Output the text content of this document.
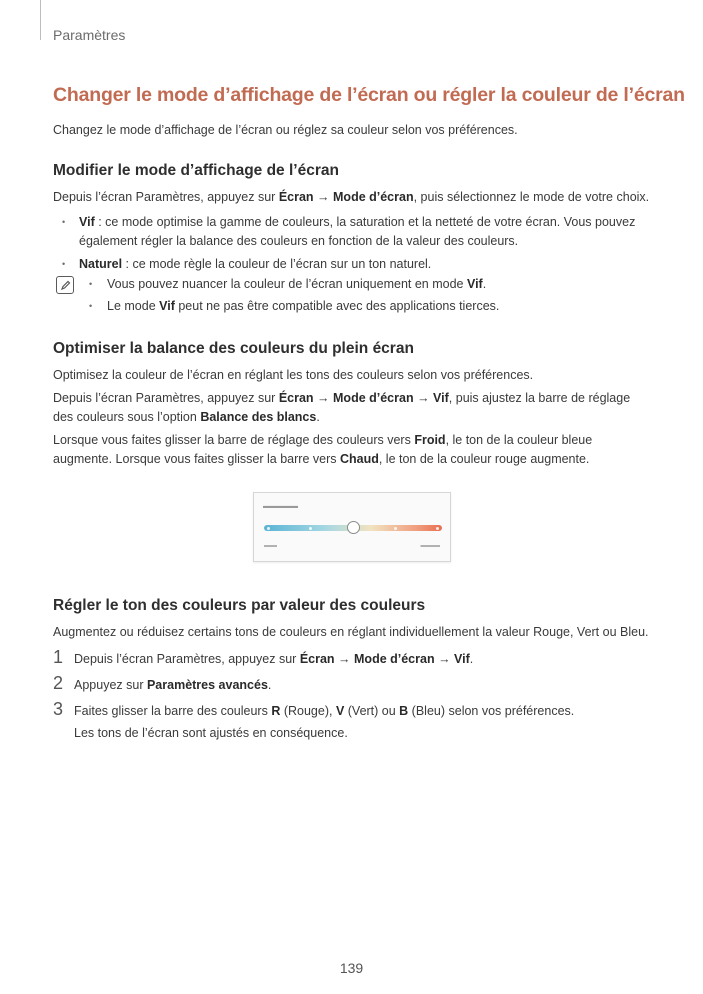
Paramètres
Changer le mode d’affichage de l’écran ou régler la couleur de l’écran

Changez le mode d’affichage de l’écran ou réglez sa couleur selon vos préférences.

Modifier le mode d’affichage de l’écran

Depuis l’écran Paramètres, appuyez sur Écran → Mode d’écran, puis sélectionnez le mode de votre choix.

• Vif : ce mode optimise la gamme de couleurs, la saturation et la netteté de votre écran. Vous pouvez également régler la balance des couleurs en fonction de la valeur des couleurs.
• Naturel : ce mode règle la couleur de l’écran sur un ton naturel.
• Vous pouvez nuancer la couleur de l’écran uniquement en mode Vif.
• Le mode Vif peut ne pas être compatible avec des applications tierces.
Optimiser la balance des couleurs du plein écran

Optimisez la couleur de l’écran en réglant les tons des couleurs selon vos préférences.

Depuis l’écran Paramètres, appuyez sur Écran → Mode d’écran → Vif, puis ajustez la barre de réglage des couleurs sous l’option Balance des blancs.

Lorsque vous faites glisser la barre de réglage des couleurs vers Froid, le ton de la couleur bleue augmente. Lorsque vous faites glisser la barre vers Chaud, le ton de la couleur rouge augmente.

▬▬▬▬▬
▬▬	▬▬▬
Régler le ton des couleurs par valeur des couleurs

Augmentez ou réduisez certains tons de couleurs en réglant individuellement la valeur Rouge, Vert ou Bleu.

1 Depuis l’écran Paramètres, appuyez sur Écran → Mode d’écran → Vif.

2 Appuyez sur Paramètres avancés.

3 Faites glisser la barre des couleurs R (Rouge), V (Vert) ou B (Bleu) selon vos préférences.

Les tons de l’écran sont ajustés en conséquence.

139
